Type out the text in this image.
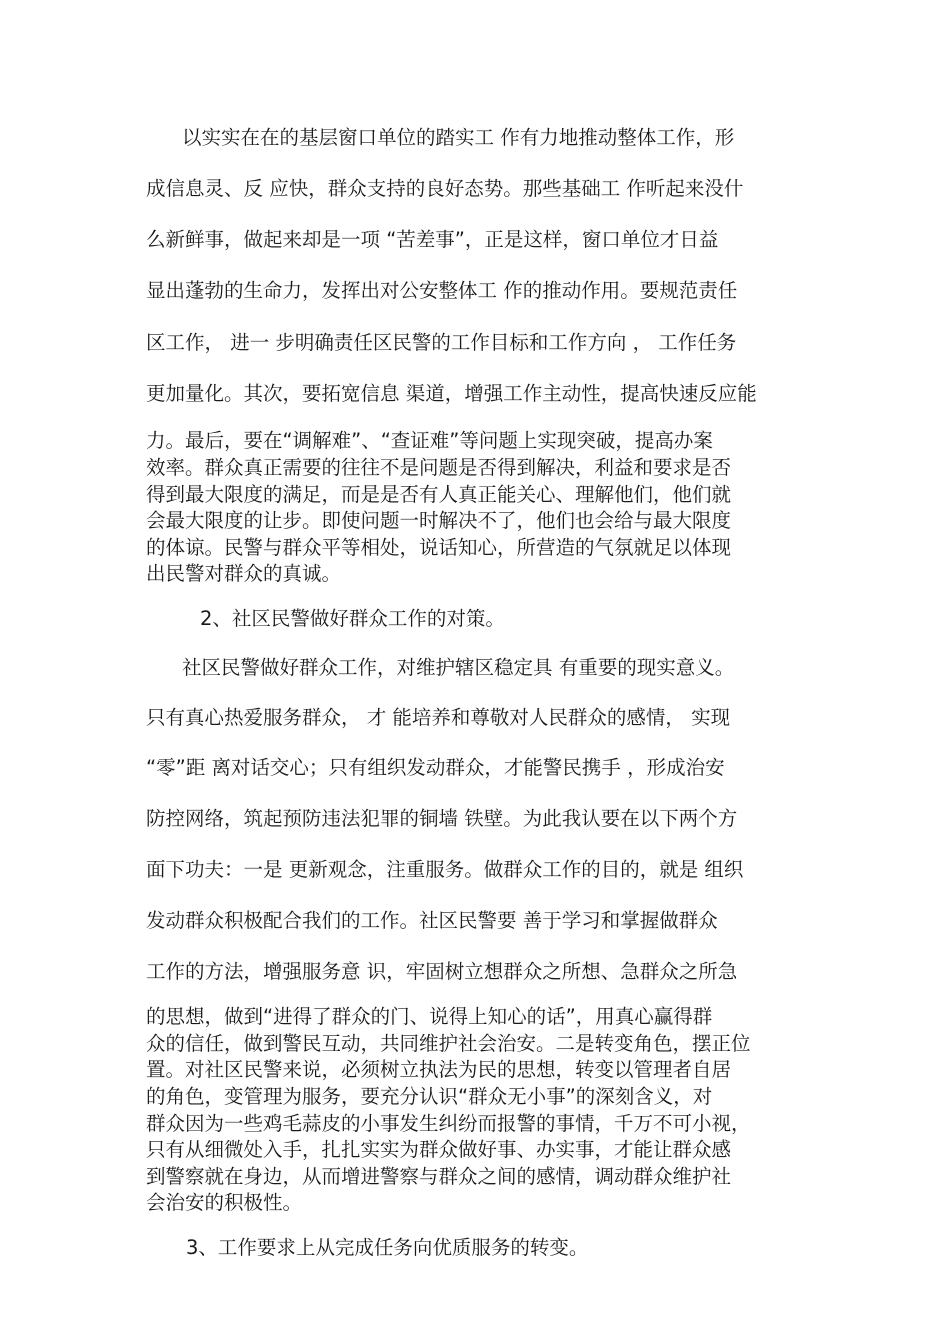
以实实在在的基层窗口单位的踏实工 作有力地推动整体工作，形
成信息灵、反 应快，群众支持的良好态势。那些基础工 作听起来没什
么新鲜事，做起来却是一项 “苦差事”，正是这样，窗口单位才日益
显出蓬勃的生命力，发挥出对公安整体工 作的推动作用。要规范责任
区工作， 进一 步明确责任区民警的工作目标和工作方向 ， 工作任务
更加量化。其次，要拓宽信息 渠道，增强工作主动性，提高快速反应能
力。最后，要在“调解难”、“查证难”等问题上实现突破，提高办案
效率。群众真正需要的往往不是问题是否得到解决，利益和要求是否
得到最大限度的满足，而是是否有人真正能关心、理解他们，他们就
会最大限度的让步。即使问题一时解决不了，他们也会给与最大限度
的体谅。民警与群众平等相处，说话知心，所营造的气氛就足以体现
出民警对群众的真诚。
2、社区民警做好群众工作的对策。
社区民警做好群众工作，对维护辖区稳定具 有重要的现实意义。
只有真心热爱服务群众， 才 能培养和尊敬对人民群众的感情， 实现
“零”距 离对话交心；只有组织发动群众，才能警民携手 ，形成治安
防控网络，筑起预防违法犯罪的铜墙 铁壁。为此我认要在以下两个方
面下功夫：一是 更新观念，注重服务。做群众工作的目的，就是 组织
发动群众积极配合我们的工作。社区民警要 善于学习和掌握做群众
工作的方法，增强服务意 识，牢固树立想群众之所想、急群众之所急
的思想，做到“进得了群众的门、说得上知心的话”，用真心赢得群
众的信任，做到警民互动，共同维护社会治安。二是转变角色，摆正位
置。对社区民警来说，必须树立执法为民的思想，转变以管理者自居
的角色，变管理为服务，要充分认识“群众无小事”的深刻含义，对
群众因为一些鸡毛蒜皮的小事发生纠纷而报警的事情，千万不可小视，
只有从细微处入手，扎扎实实为群众做好事、办实事，才能让群众感
到警察就在身边，从而增进警察与群众之间的感情，调动群众维护社
会治安的积极性。
3、工作要求上从完成任务向优质服务的转变。
